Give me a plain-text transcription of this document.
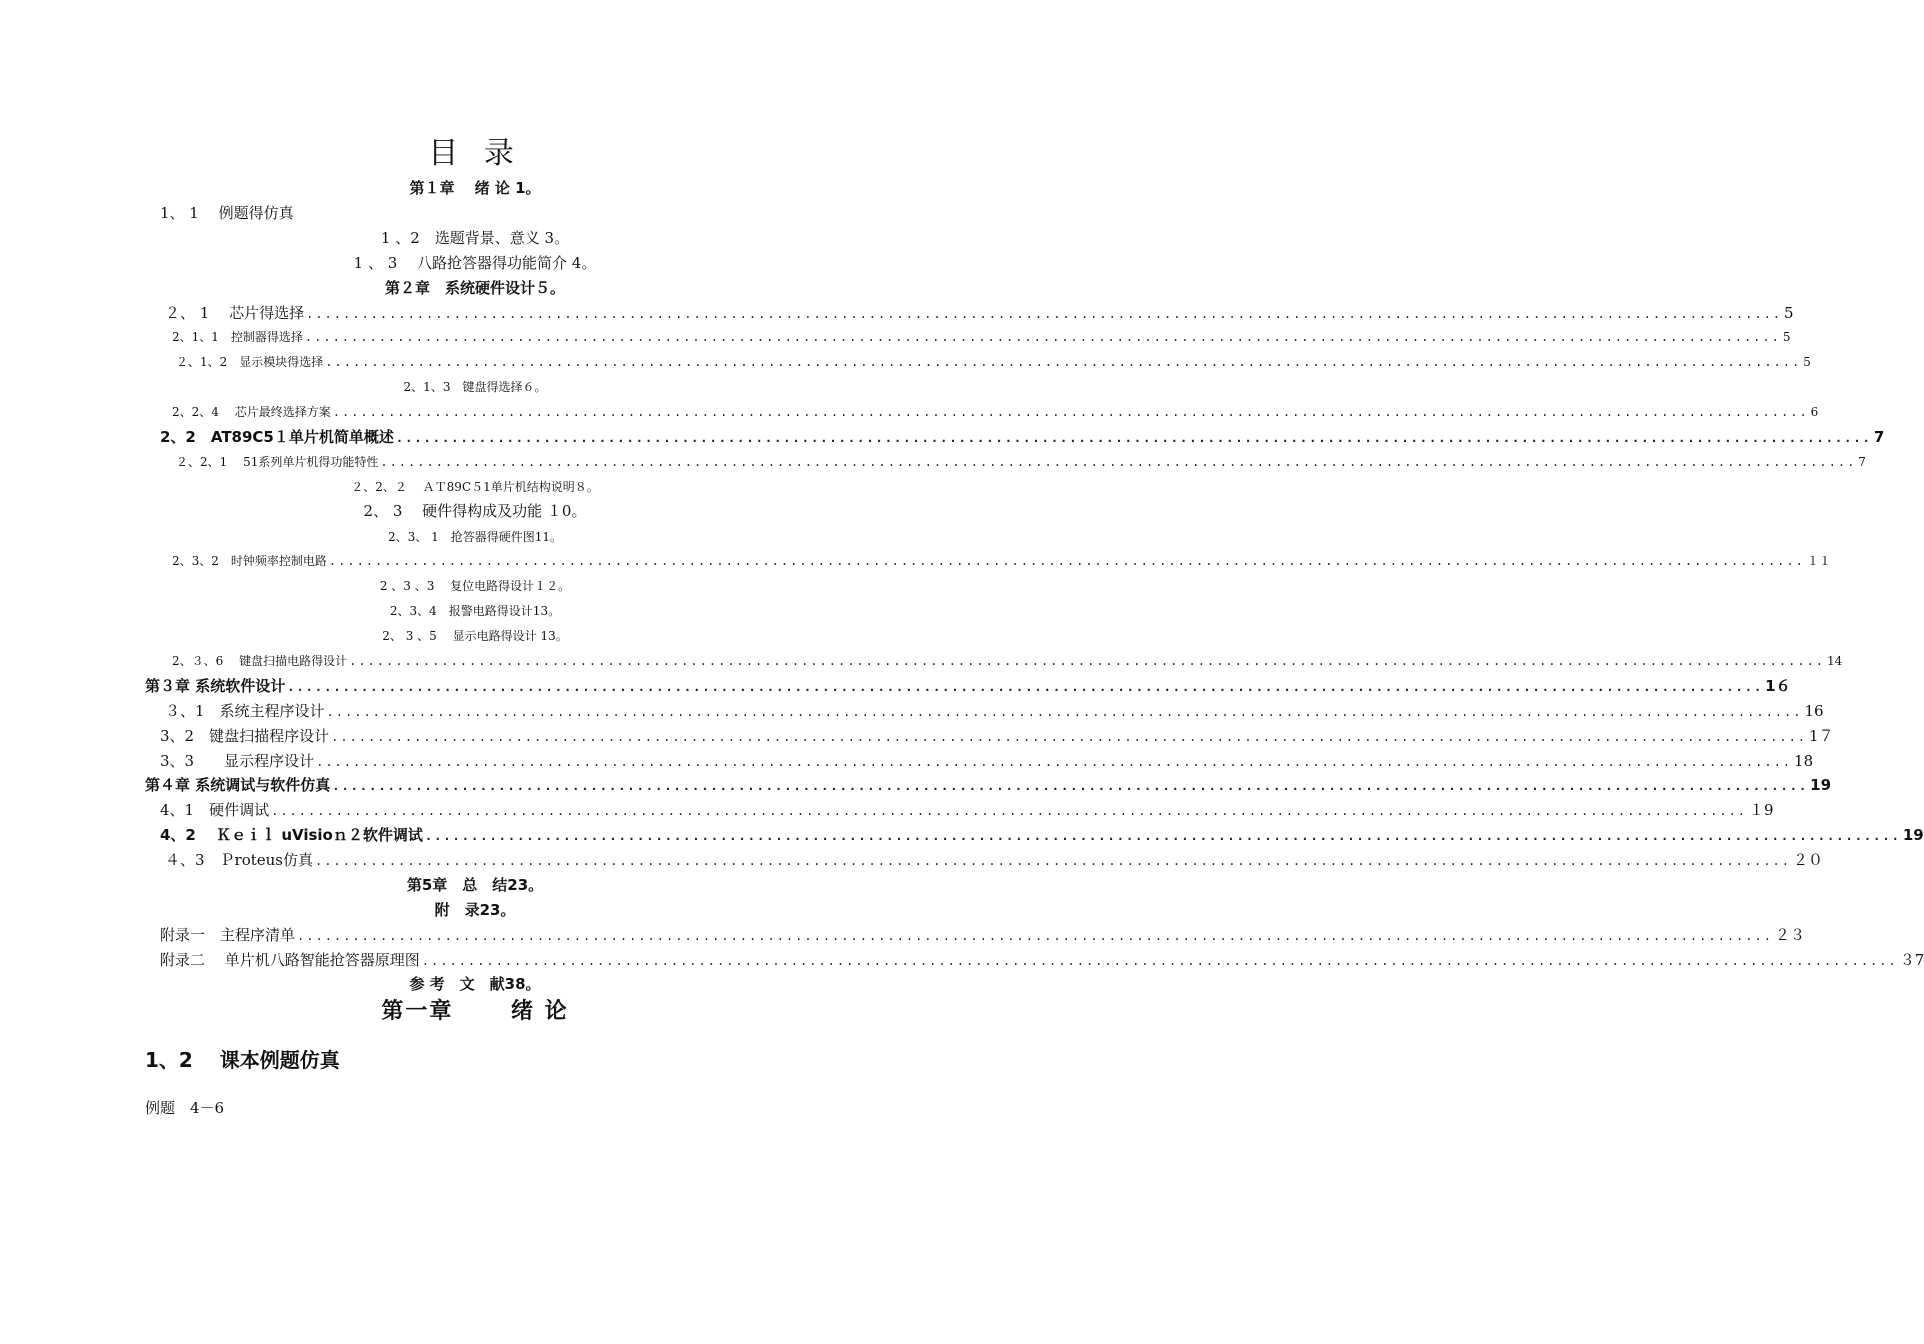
目 录
第１章　 绪 论 1。
1、 1　 例题得仿真
1 、2　选题背景、意义 3。
1 、 3　 八路抢答器得功能简介 4。
第２章　系统硬件设计５。
２、 1　 芯片得选择 ................................................................................................................................................................ 5
2、1、1　控制器得选择 ................................................................................................................................................................ 5
２、1、2　显示模块得选择 ................................................................................................................................................................ 5
2、1、3　键盘得选择６。
2、2、4　 芯片最终选择方案 ................................................................................................................................................................ 6
2、2　AT89C5１单片机简单概述 ................................................................................................................................................................ 7
２、2、1　 51系列单片机得功能特性 ................................................................................................................................................................ 7
２、2、２　 ＡＴ89C５1单片机结构说明８。
2、 3　 硬件得构成及功能 １0。
2、3、 1　抢答器得硬件图11。
2、3、2　时钟频率控制电路 ................................................................................................................................................................ １１
2 、3 、3　 复位电路得设计１２。
2、3、4　报警电路得设计13。
2、 3 、5　 显示电路得设计 13。
2、３、6　 键盘扫描电路得设计 ................................................................................................................................................................ 14
第３章 系统软件设计 ................................................................................................................................................................ 1６
３、1　系统主程序设计 ................................................................................................................................................................ 16
3、2　键盘扫描程序设计 ................................................................................................................................................................ 1７
3、3　　显示程序设计 ................................................................................................................................................................ 18
第４章 系统调试与软件仿真 ................................................................................................................................................................ 19
4、1　硬件调试 ................................................................................................................................................................ １9
4、2　 Ｋｅｉｌ uVisioｎ２软件调试 ................................................................................................................................................................ 19
４、3　Ｐroteus仿真 ................................................................................................................................................................ ２０
第5章　总　结23。
附　录23。
附录一　主程序清单 ................................................................................................................................................................ ２３
附录二　 单片机八路智能抢答器原理图 ................................................................................................................................................................ ３7
参 考　文　献38。
第一章　　 绪 论
1、2　 课本例题仿真
例题　4－6
